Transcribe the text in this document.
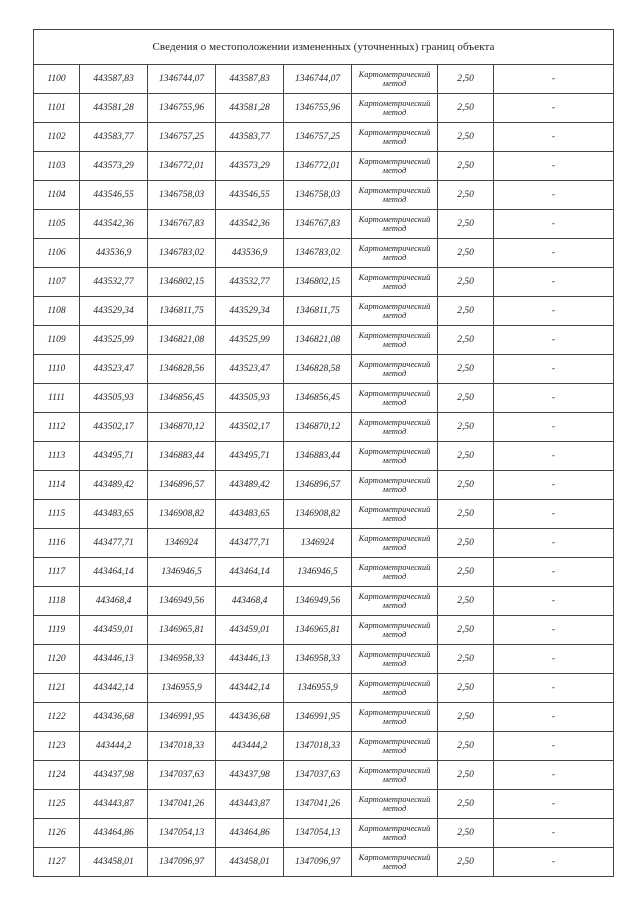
Сведения о местоположении измененных (уточненных) границ объекта							
1100	443587,83	1346744,07	443587,83	1346744,07	Картометрический метод	2,50	-
1101	443581,28	1346755,96	443581,28	1346755,96	Картометрический метод	2,50	-
1102	443583,77	1346757,25	443583,77	1346757,25	Картометрический метод	2,50	-
1103	443573,29	1346772,01	443573,29	1346772,01	Картометрический метод	2,50	-
1104	443546,55	1346758,03	443546,55	1346758,03	Картометрический метод	2,50	-
1105	443542,36	1346767,83	443542,36	1346767,83	Картометрический метод	2,50	-
1106	443536,9	1346783,02	443536,9	1346783,02	Картометрический метод	2,50	-
1107	443532,77	1346802,15	443532,77	1346802,15	Картометрический метод	2,50	-
1108	443529,34	1346811,75	443529,34	1346811,75	Картометрический метод	2,50	-
1109	443525,99	1346821,08	443525,99	1346821,08	Картометрический метод	2,50	-
1110	443523,47	1346828,56	443523,47	1346828,58	Картометрический метод	2,50	-
1111	443505,93	1346856,45	443505,93	1346856,45	Картометрический метод	2,50	-
1112	443502,17	1346870,12	443502,17	1346870,12	Картометрический метод	2,50	-
1113	443495,71	1346883,44	443495,71	1346883,44	Картометрический метод	2,50	-
1114	443489,42	1346896,57	443489,42	1346896,57	Картометрический метод	2,50	-
1115	443483,65	1346908,82	443483,65	1346908,82	Картометрический метод	2,50	-
1116	443477,71	1346924	443477,71	1346924	Картометрический метод	2,50	-
1117	443464,14	1346946,5	443464,14	1346946,5	Картометрический метод	2,50	-
1118	443468,4	1346949,56	443468,4	1346949,56	Картометрический метод	2,50	-
1119	443459,01	1346965,81	443459,01	1346965,81	Картометрический метод	2,50	-
1120	443446,13	1346958,33	443446,13	1346958,33	Картометрический метод	2,50	-
1121	443442,14	1346955,9	443442,14	1346955,9	Картометрический метод	2,50	-
1122	443436,68	1346991,95	443436,68	1346991,95	Картометрический метод	2,50	-
1123	443444,2	1347018,33	443444,2	1347018,33	Картометрический метод	2,50	-
1124	443437,98	1347037,63	443437,98	1347037,63	Картометрический метод	2,50	-
1125	443443,87	1347041,26	443443,87	1347041,26	Картометрический метод	2,50	-
1126	443464,86	1347054,13	443464,86	1347054,13	Картометрический метод	2,50	-
1127	443458,01	1347096,97	443458,01	1347096,97	Картометрический метод	2,50	-
